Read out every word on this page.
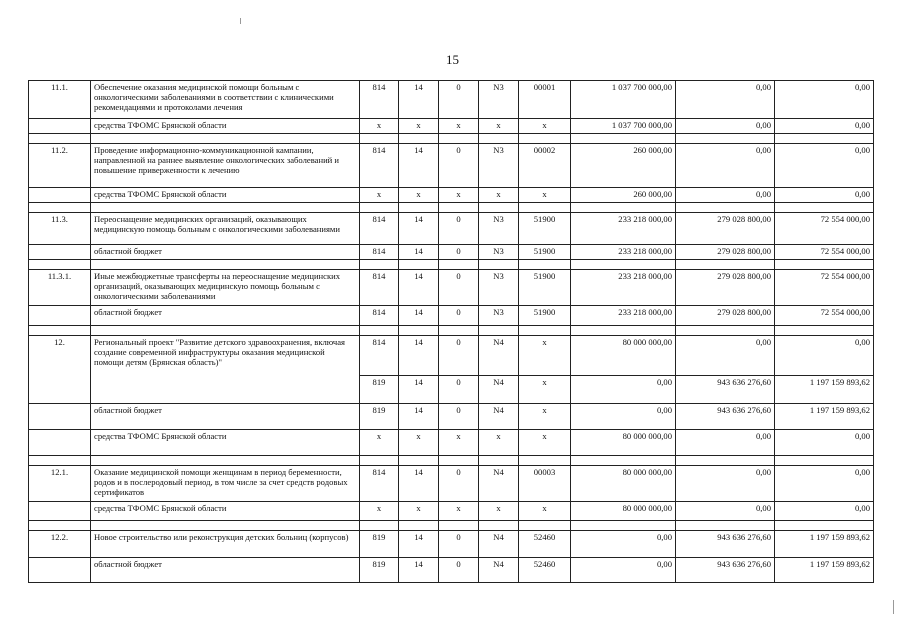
15
11.1.	Обеспечение оказания медицинской помощи больным с онкологическими заболеваниями в соответствии с клиническими рекомендациями и протоколами лечения	814	14	0	N3	00001	1 037 700 000,00	0,00	0,00
	средства ТФОМС Брянской области	х	х	х	х	х	1 037 700 000,00	0,00	0,00

11.2.	Проведение информационно-коммуникационной кампании, направленной на раннее выявление онкологических заболеваний и повышение приверженности к лечению	814	14	0	N3	00002	260 000,00	0,00	0,00
	средства ТФОМС Брянской области	х	х	х	х	х	260 000,00	0,00	0,00

11.3.	Переоснащение медицинских организаций, оказывающих медицинскую помощь больным с онкологическими заболеваниями	814	14	0	N3	51900	233 218 000,00	279 028 800,00	72 554 000,00
	областной бюджет	814	14	0	N3	51900	233 218 000,00	279 028 800,00	72 554 000,00

11.3.1.	Иные межбюджетные трансферты на переоснащение медицинских организаций, оказывающих медицинскую помощь больным с онкологическими заболеваниями	814	14	0	N3	51900	233 218 000,00	279 028 800,00	72 554 000,00
	областной бюджет	814	14	0	N3	51900	233 218 000,00	279 028 800,00	72 554 000,00

12.	Региональный проект "Развитие детского здравоохранения, включая создание современной инфраструктуры оказания медицинской помощи детям (Брянская область)"	814	14	0	N4	х	80 000 000,00	0,00	0,00
		819	14	0	N4	х	0,00	943 636 276,60	1 197 159 893,62
	областной бюджет	819	14	0	N4	х	0,00	943 636 276,60	1 197 159 893,62
	средства ТФОМС Брянской области	х	х	х	х	х	80 000 000,00	0,00	0,00

12.1.	Оказание медицинской помощи женщинам в период беременности, родов и в послеродовый период, в том числе за счет средств родовых сертификатов	814	14	0	N4	00003	80 000 000,00	0,00	0,00
	средства ТФОМС Брянской области	х	х	х	х	х	80 000 000,00	0,00	0,00

12.2.	Новое строительство или реконструкция детских больниц (корпусов)	819	14	0	N4	52460	0,00	943 636 276,60	1 197 159 893,62
	областной бюджет	819	14	0	N4	52460	0,00	943 636 276,60	1 197 159 893,62
